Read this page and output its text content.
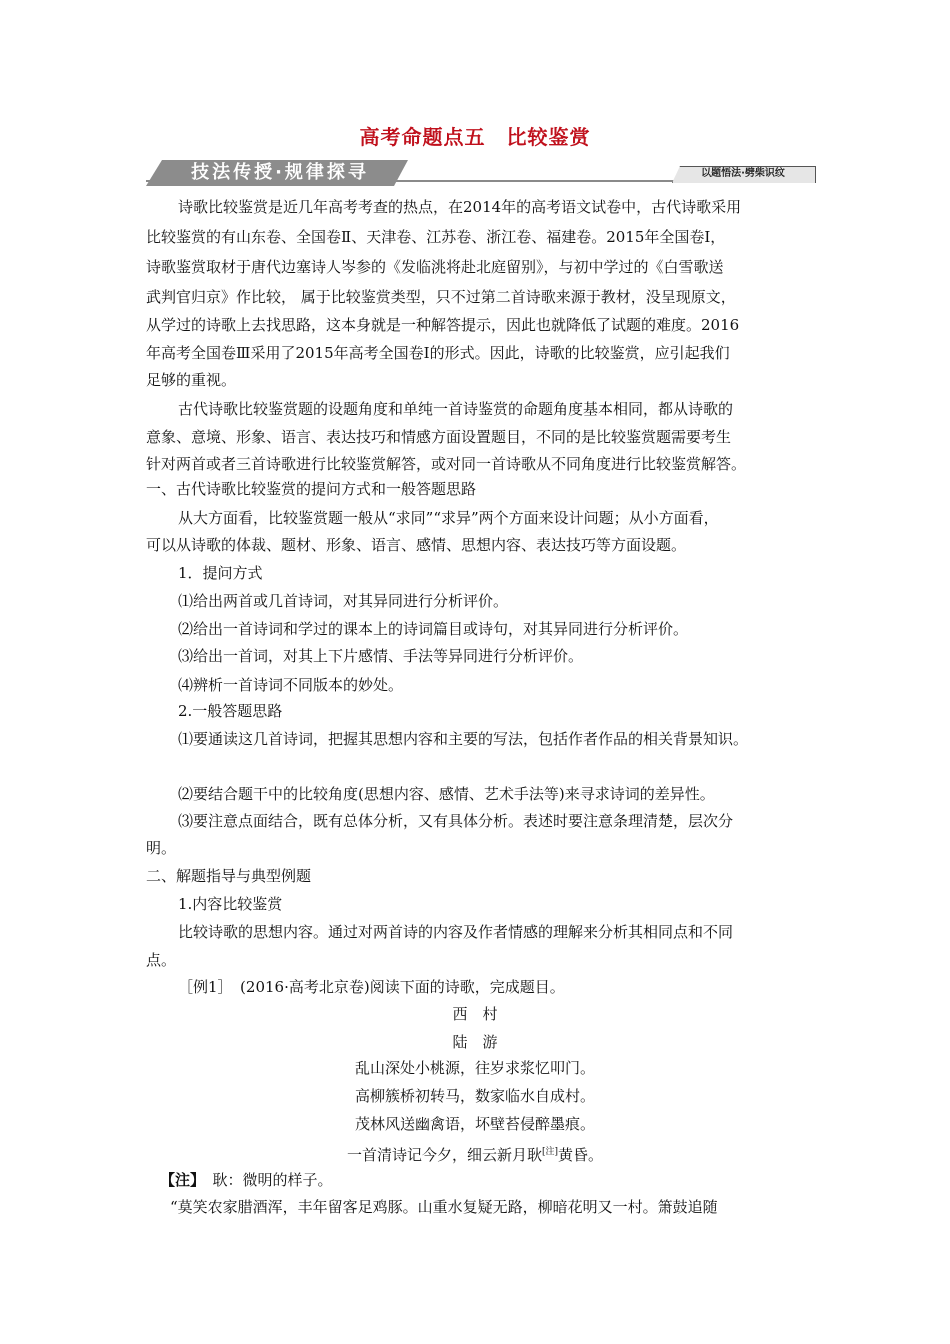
高考命题点五　比较鉴赏
技法传授·规律探寻	以题悟法·劈柴识纹
诗歌比较鉴赏是近几年高考考查的热点，在2014年的高考语文试卷中，古代诗歌采用
比较鉴赏的有山东卷、全国卷Ⅱ、天津卷、江苏卷、浙江卷、福建卷。2015年全国卷Ⅰ，
诗歌鉴赏取材于唐代边塞诗人岑参的《发临洮将赴北庭留别》，与初中学过的《白雪歌送
武判官归京》作比较， 属于比较鉴赏类型，只不过第二首诗歌来源于教材，没呈现原文，
从学过的诗歌上去找思路，这本身就是一种解答提示，因此也就降低了试题的难度。2016
年高考全国卷Ⅲ采用了2015年高考全国卷Ⅰ的形式。因此，诗歌的比较鉴赏，应引起我们
足够的重视。
古代诗歌比较鉴赏题的设题角度和单纯一首诗鉴赏的命题角度基本相同，都从诗歌的
意象、意境、形象、语言、表达技巧和情感方面设置题目，不同的是比较鉴赏题需要考生
针对两首或者三首诗歌进行比较鉴赏解答，或对同一首诗歌从不同角度进行比较鉴赏解答。
一、古代诗歌比较鉴赏的提问方式和一般答题思路
从大方面看，比较鉴赏题一般从“求同”“求异”两个方面来设计问题；从小方面看，
可以从诗歌的体裁、题材、形象、语言、感情、思想内容、表达技巧等方面设题。
1．提问方式
⑴给出两首或几首诗词，对其异同进行分析评价。
⑵给出一首诗词和学过的课本上的诗词篇目或诗句，对其异同进行分析评价。
⑶给出一首词，对其上下片感情、手法等异同进行分析评价。
⑷辨析一首诗词不同版本的妙处。
2.一般答题思路
⑴要通读这几首诗词，把握其思想内容和主要的写法，包括作者作品的相关背景知识。
⑵要结合题干中的比较角度(思想内容、感情、艺术手法等)来寻求诗词的差异性。
⑶要注意点面结合，既有总体分析，又有具体分析。表述时要注意条理清楚，层次分
明。
二、解题指导与典型例题
1.内容比较鉴赏
比较诗歌的思想内容。通过对两首诗的内容及作者情感的理解来分析其相同点和不同
点。
［例1］　(2016·高考北京卷)阅读下面的诗歌，完成题目。
西　村
陆　游
乱山深处小桃源，往岁求浆忆叩门。
高柳簇桥初转马，数家临水自成村。
茂林风送幽禽语，坏壁苔侵醉墨痕。
一首清诗记今夕，细云新月耿[注]黄昏。
【注】　耿：微明的样子。
“莫笑农家腊酒浑，丰年留客足鸡豚。山重水复疑无路，柳暗花明又一村。箫鼓追随
